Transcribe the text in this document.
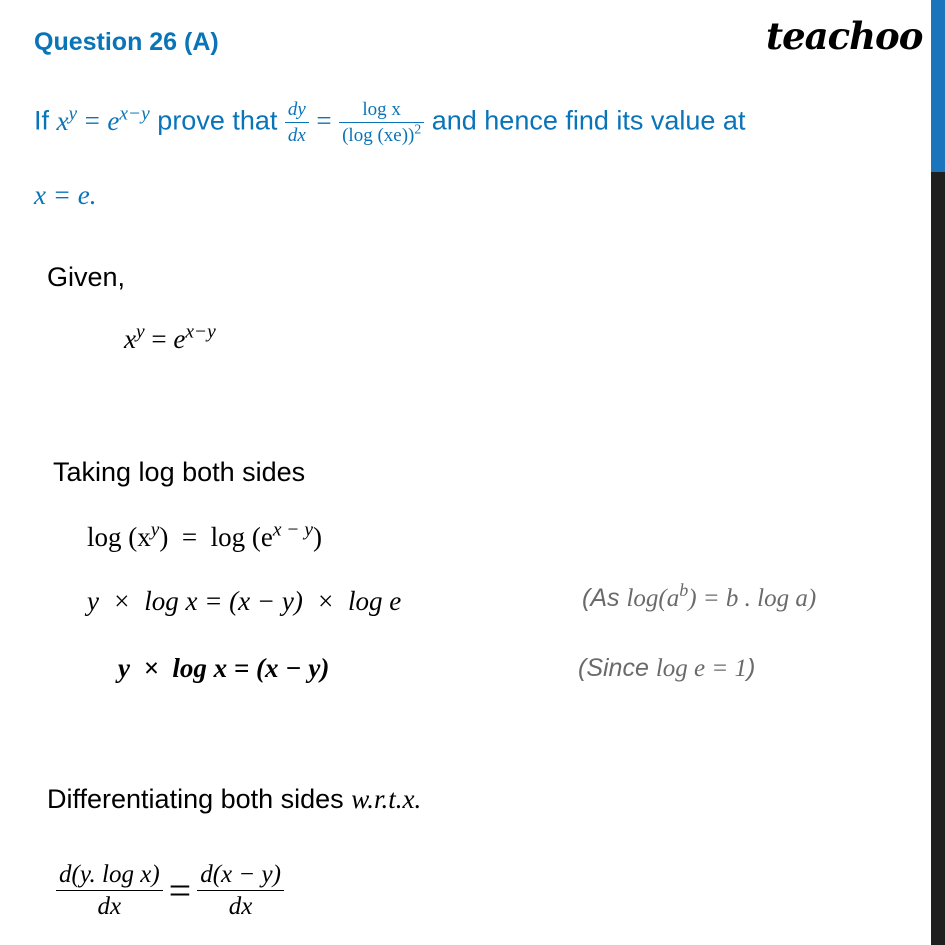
Question 26 (A)	teachoo
If $x^y = e^{x-y}$ prove that $\frac{dy}{dx} = \frac{\text{log x}}{(\log (xe))^2}$ and hence find its value at
x = e.
Given,
$x^y = e^{x-y}$
Taking log both sides
$\log (x^y) = \log (e^{x - y})$
y  ×  log x = (x − y)  ×  log e	(As $\log(a^b) = b$ . log a)
y  ×  log x = (x − y)	(Since log e = 1)
Differentiating both sides w.r.t.x.
$\frac{\text{d(y. log x)}}{dx} = \frac{d(x - y)}{dx}$
